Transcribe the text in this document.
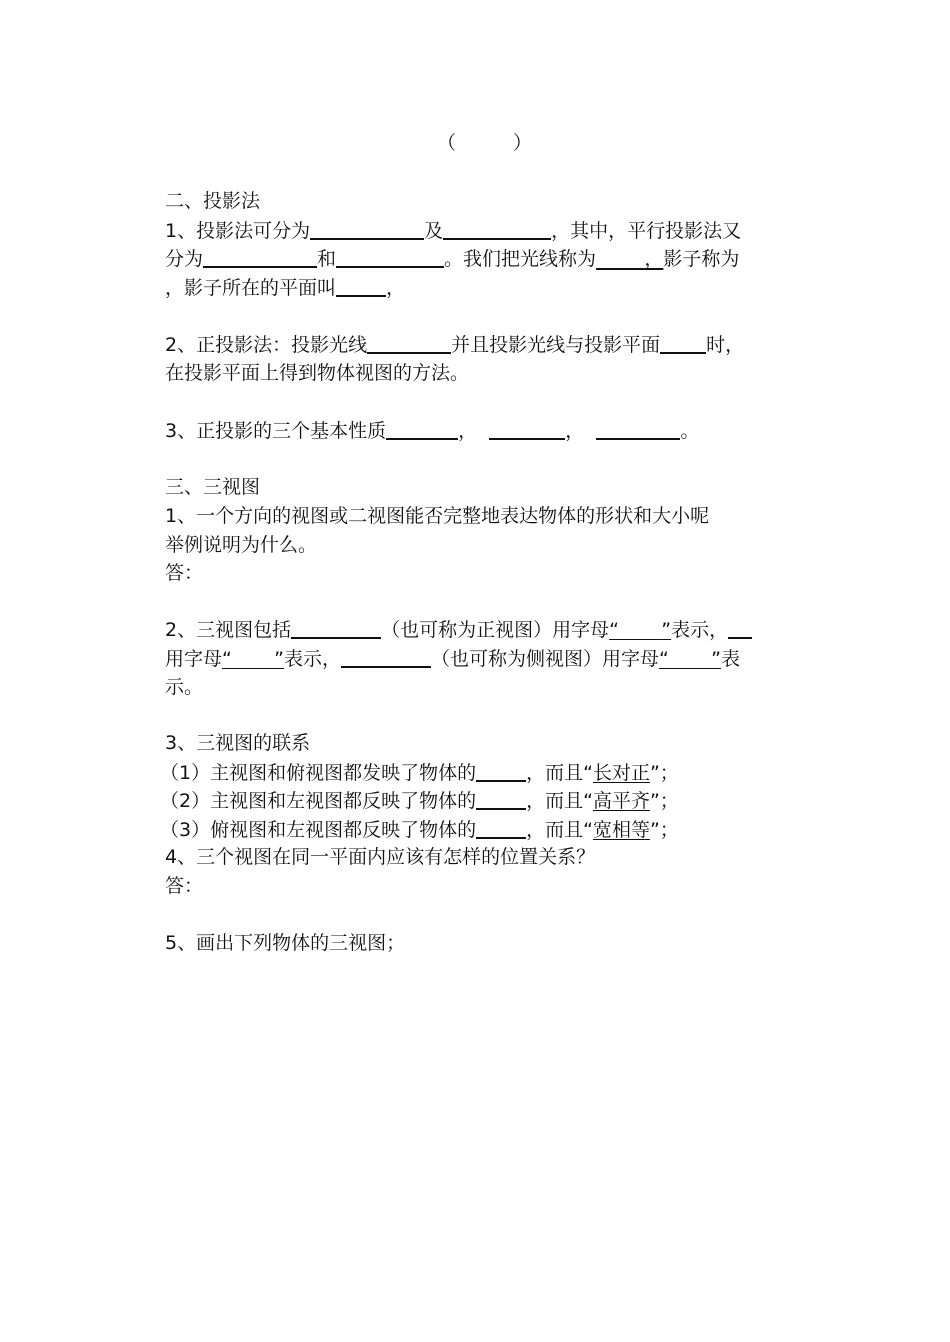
（　　　）
二、投影法
1、投影法可分为	及	，其中，平行投影法又
分为	和	。我们把光线称为	，影子称为
，影子所在的平面叫	，
2、正投影法：投影光线	并且投影光线与投影平面 时，
在投影平面上得到物体视图的方法。
3、正投影的三个基本性质	，	，	。
三、三视图
1、一个方向的视图或二视图能否完整地表达物体的形状和大小呢
举例说明为什么。
答：
2、三视图包括	（也可称为正视图）用字母“ ”表示，
用字母“ ”表示，	（也可称为侧视图）用字母“ ”表
示。
3、三视图的联系
（1）主视图和俯视图都发映了物体的	，而且“长对正”；
（2）主视图和左视图都反映了物体的	，而且“高平齐”；
（3）俯视图和左视图都反映了物体的	，而且“宽相等”；
4、三个视图在同一平面内应该有怎样的位置关系？
答：
5、画出下列物体的三视图；
